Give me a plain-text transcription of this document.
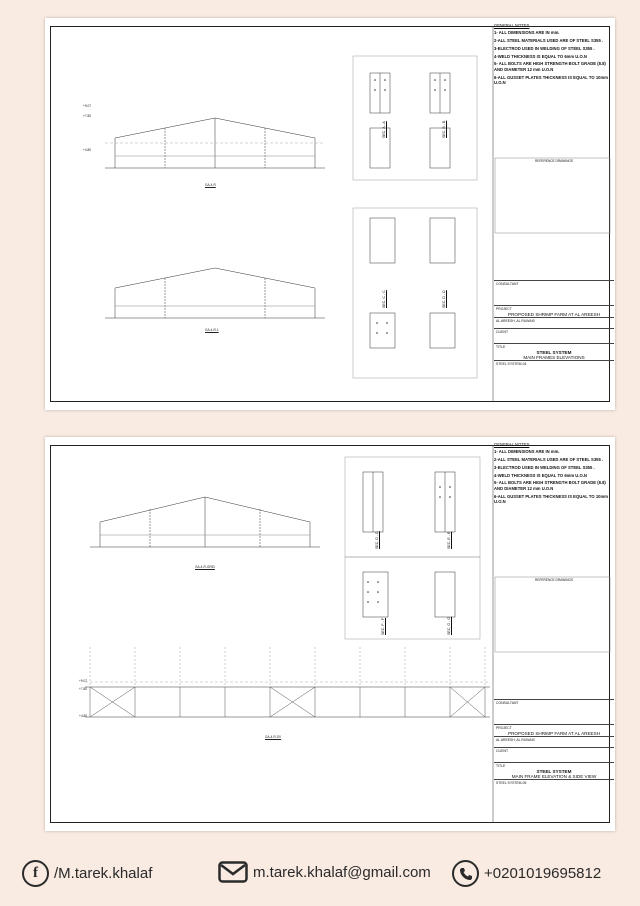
+9.07
+7.80
+4.80
GA-4-R
GA-4-R-1
SEC. A - A	SEC. B - B
SEC. C - C	SEC. D - D
GENERAL NOTES
1- ALL DIMENSIONS ARE IN mm.
2-ALL STEEL MATERIALS USED ARE OF STEEL S355 .
3-ELECTROD USED IN WELDING OF STEEL S355 .
4-WELD THICKNESS IS EQUAL TO 6mm U.O.N
5- ALL BOLTS ARE HIGH STRENGTH BOLT GRADE (8.8) AND DIAMETER 12 mm U.O.N
6-ALL GUSSET PLATES THICKNESS IS EQUAL TO 10mm U.O.N
REFERENCE DRAWINGS
CONSULTANT
PROJECT
PROPOSED SHRIMP FARM AT AL AREESH
AL AREESH, AL RUWAIS
CLIENT
TITLE
STEEL SYSTEM
MAIN FRAMES ELEVATIONS
STEEL SYSTEM-04
+9.07
+7.80
+4.80
GA-4-R-GRID
GA-4-R-SV
SEC. D - D	SEC. E - E
SEC. F - F	SEC. G - G
GENERAL NOTES
1- ALL DIMENSIONS ARE IN mm.
2-ALL STEEL MATERIALS USED ARE OF STEEL S355 .
3-ELECTROD USED IN WELDING OF STEEL S355 .
4-WELD THICKNESS IS EQUAL TO 6mm U.O.N
5- ALL BOLTS ARE HIGH STRENGTH BOLT GRADE (8.8) AND DIAMETER 12 mm U.O.N
6-ALL GUSSET PLATES THICKNESS IS EQUAL TO 10mm U.O.N
REFERENCE DRAWINGS
CONSULTANT
PROJECT
PROPOSED SHRIMP FARM AT AL AREESH
AL AREESH, AL RUWAIS
CLIENT
TITLE
STEEL SYSTEM
MAIN FRAME ELEVATION & SIDE VIEW
STEEL SYSTEM-05
f /M.tarek.khalaf	m.tarek.khalaf@gmail.com	+0201019695812
